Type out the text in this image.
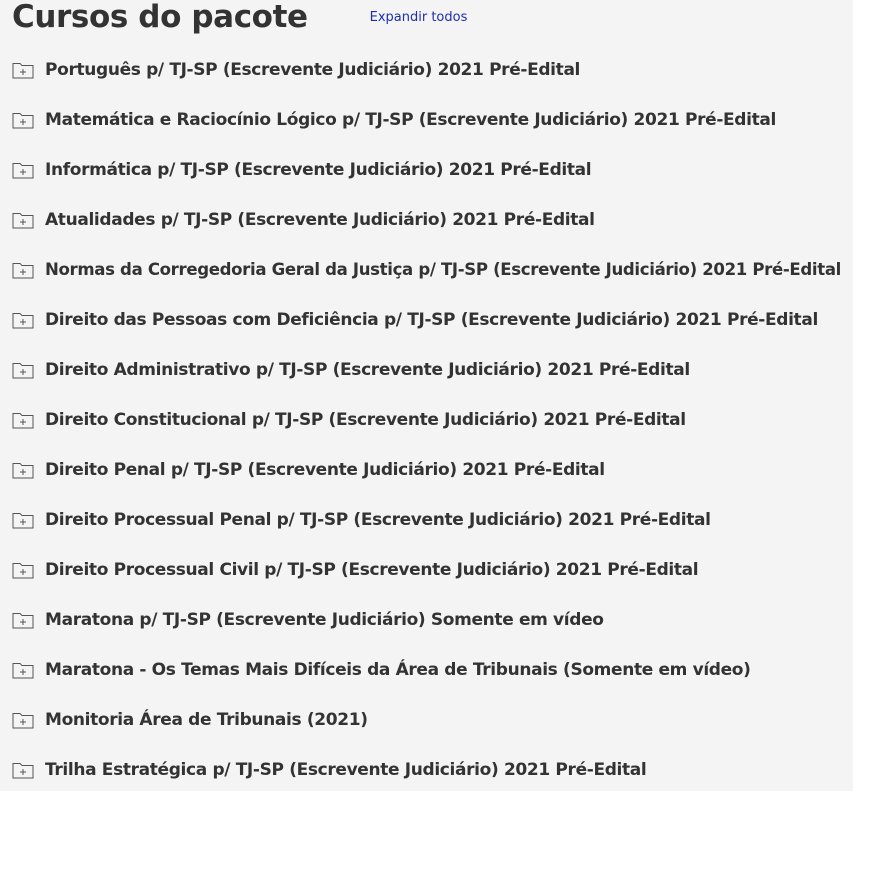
Cursos do pacote	Expandir todos
Português p/ TJ-SP (Escrevente Judiciário) 2021 Pré-Edital
Matemática e Raciocínio Lógico p/ TJ-SP (Escrevente Judiciário) 2021 Pré-Edital
Informática p/ TJ-SP (Escrevente Judiciário) 2021 Pré-Edital
Atualidades p/ TJ-SP (Escrevente Judiciário) 2021 Pré-Edital
Normas da Corregedoria Geral da Justiça p/ TJ-SP (Escrevente Judiciário) 2021 Pré-Edital
Direito das Pessoas com Deficiência p/ TJ-SP (Escrevente Judiciário) 2021 Pré-Edital
Direito Administrativo p/ TJ-SP (Escrevente Judiciário) 2021 Pré-Edital
Direito Constitucional p/ TJ-SP (Escrevente Judiciário) 2021 Pré-Edital
Direito Penal p/ TJ-SP (Escrevente Judiciário) 2021 Pré-Edital
Direito Processual Penal p/ TJ-SP (Escrevente Judiciário) 2021 Pré-Edital
Direito Processual Civil p/ TJ-SP (Escrevente Judiciário) 2021 Pré-Edital
Maratona p/ TJ-SP (Escrevente Judiciário) Somente em vídeo
Maratona - Os Temas Mais Difíceis da Área de Tribunais (Somente em vídeo)
Monitoria Área de Tribunais (2021)
Trilha Estratégica p/ TJ-SP (Escrevente Judiciário) 2021 Pré-Edital
